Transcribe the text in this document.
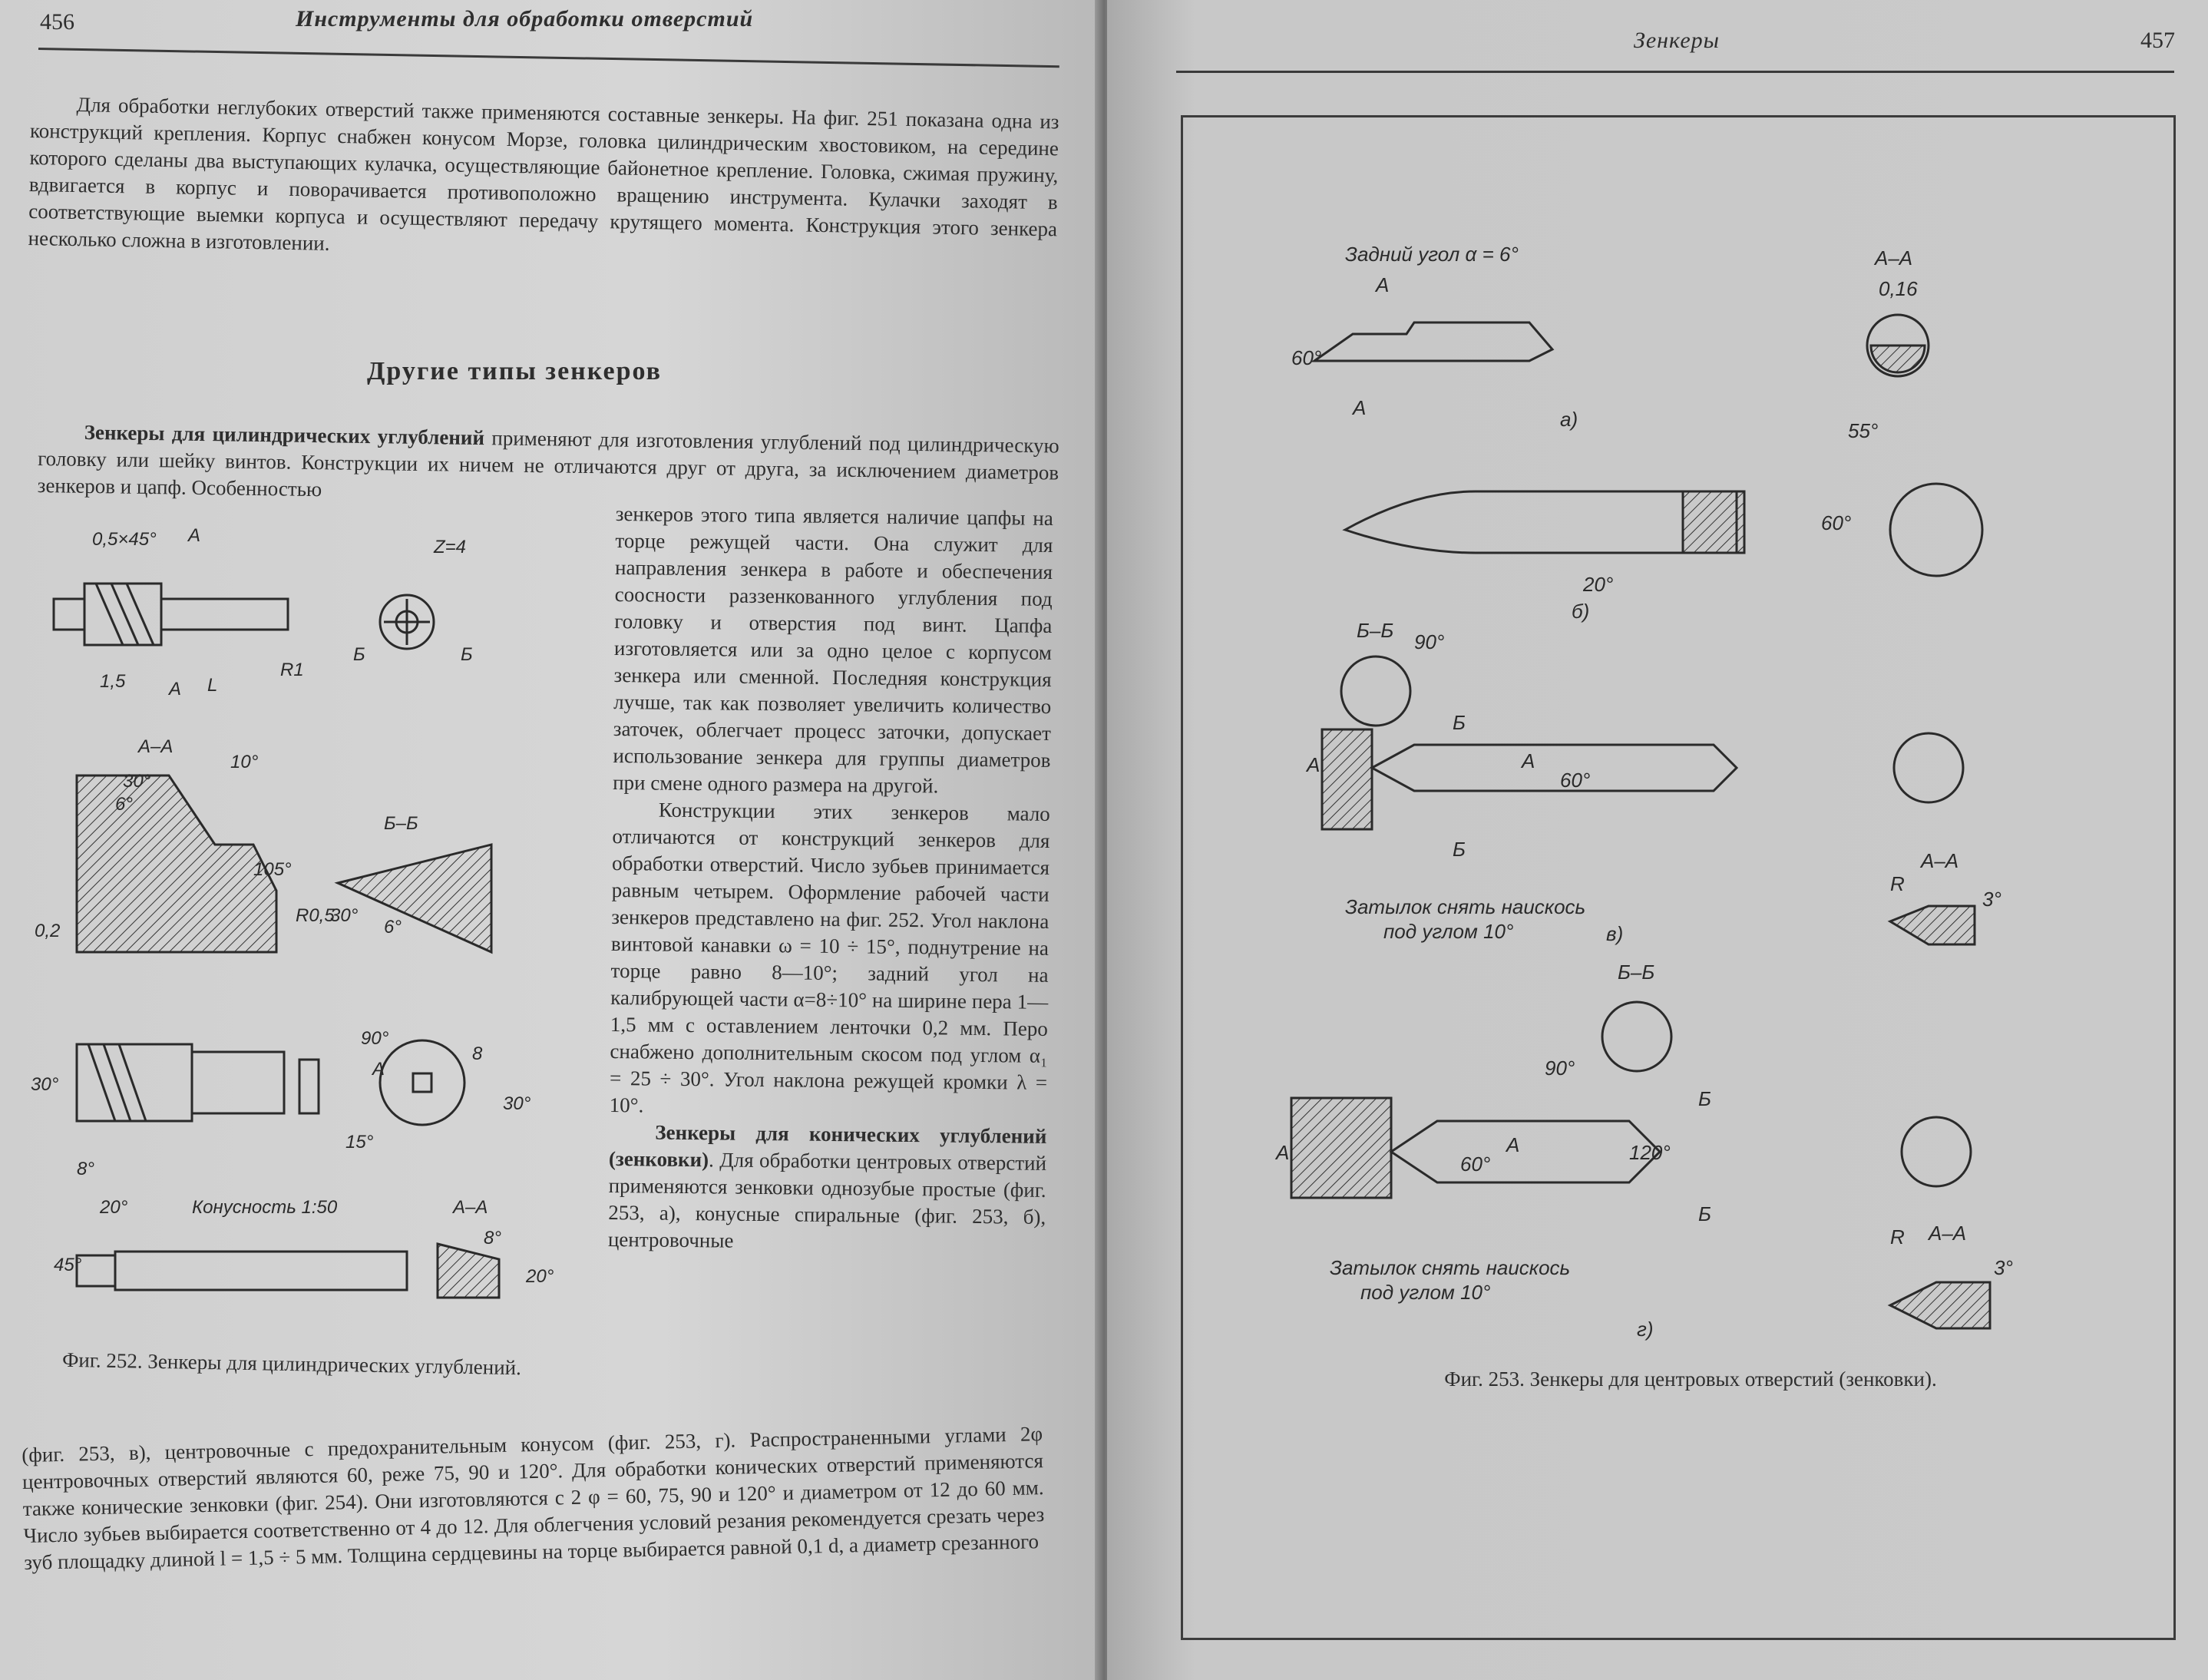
456	Инструменты для обработки отверстий

Для обработки неглубоких отверстий также применяются составные зенкеры. На фиг. 251 показана одна из конструкций крепления. Корпус снабжен конусом Морзе, головка цилиндрическим хвостовиком, на середине которого сделаны два выступающих кулачка, осуществляющие байонетное крепление. Головка, сжимая пружину, вдвигается в корпус и поворачивается противоположно вращению инструмента. Кулачки заходят в соответствующие выемки корпуса и осуществляют передачу крутящего момента. Конструкция этого зенкера несколько сложна в изготовлении.

Другие типы зенкеров

Зенкеры для цилиндрических углублений применяют для изготовления углублений под цилиндрическую головку или шейку винтов. Конструкции их ничем не отличаются друг от друга, за исключением диаметров зенкеров и цапф. Особенностью

зенкеров этого типа является наличие цапфы на торце режущей части. Она служит для направления зенкера в работе и обеспечения соосности раззенкованного углубления под головку и отверстия под винт. Цапфа изготовляется или за одно целое с корпусом зенкера или сменной. Последняя конструкция лучше, так как позволяет увеличить количество заточек, облегчает процесс заточки, допускает использование зенкера для группы диаметров при смене одного размера на другой.

Конструкции этих зенкеров мало отличаются от конструкций зенкеров для обработки отверстий. Число зубьев принимается равным четырем. Оформление рабочей части зенкеров представлено на фиг. 252. Угол наклона винтовой канавки ω = 10 ÷ 15°, поднутрение на торце равно 8—10°; задний угол на калибрующей части α=8÷10° на ширине пера 1—1,5 мм с оставлением ленточки 0,2 мм. Перо снабжено дополнительным скосом под углом α₁ = 25 ÷ 30°. Угол наклона режущей кромки λ = 10°.

Зенкеры для конических углублений (зенковки). Для обработки центровых отверстий применяются зенковки однозубые простые (фиг. 253, а), конусные спиральные (фиг. 253, б), центровочные

(фиг. 253, в), центровочные с предохранительным конусом (фиг. 253, г). Распространенными углами 2φ центровочных отверстий являются 60, реже 75, 90 и 120°. Для обработки конических отверстий применяются также конические зенковки (фиг. 254). Они изготовляются с 2 φ = 60, 75, 90 и 120° и диаметром от 12 до 60 мм. Число зубьев выбирается соответственно от 4 до 12. Для облегчения условий резания рекомендуется срезать через зуб площадку длиной l = 1,5 ÷ 5 мм. Толщина сердцевины на торце выбирается равной 0,1 d, а диаметр срезанного

0,5×45° А
Z=4
1,5 А L
R1
Б	Б
А–А
30°
10°
6°
105°
R0,5
0,2
Б–Б
30°
6°
30°
90°
8
А
30°
15°
8°
20°	Конусность 1:50	А–А
45°
8°
20°
Фиг. 252. Зенкеры для цилиндрических углублений.
Зенкеры	457
Задний угол α = 6°
А
А
60°
А–А
0,16
а)	55°
60°
20°
б)
Б–Б 90°
Б
Б
А	А
60°
Затылок снять наискось
под углом 10°	в)
А–А
R
3°
Б–Б
90°
Б
Б
А	А
60°	120°
Затылок снять наискось
под углом 10°
г)
А–А
R
3°
Фиг. 253. Зенкеры для центровых отверстий (зенковки).
